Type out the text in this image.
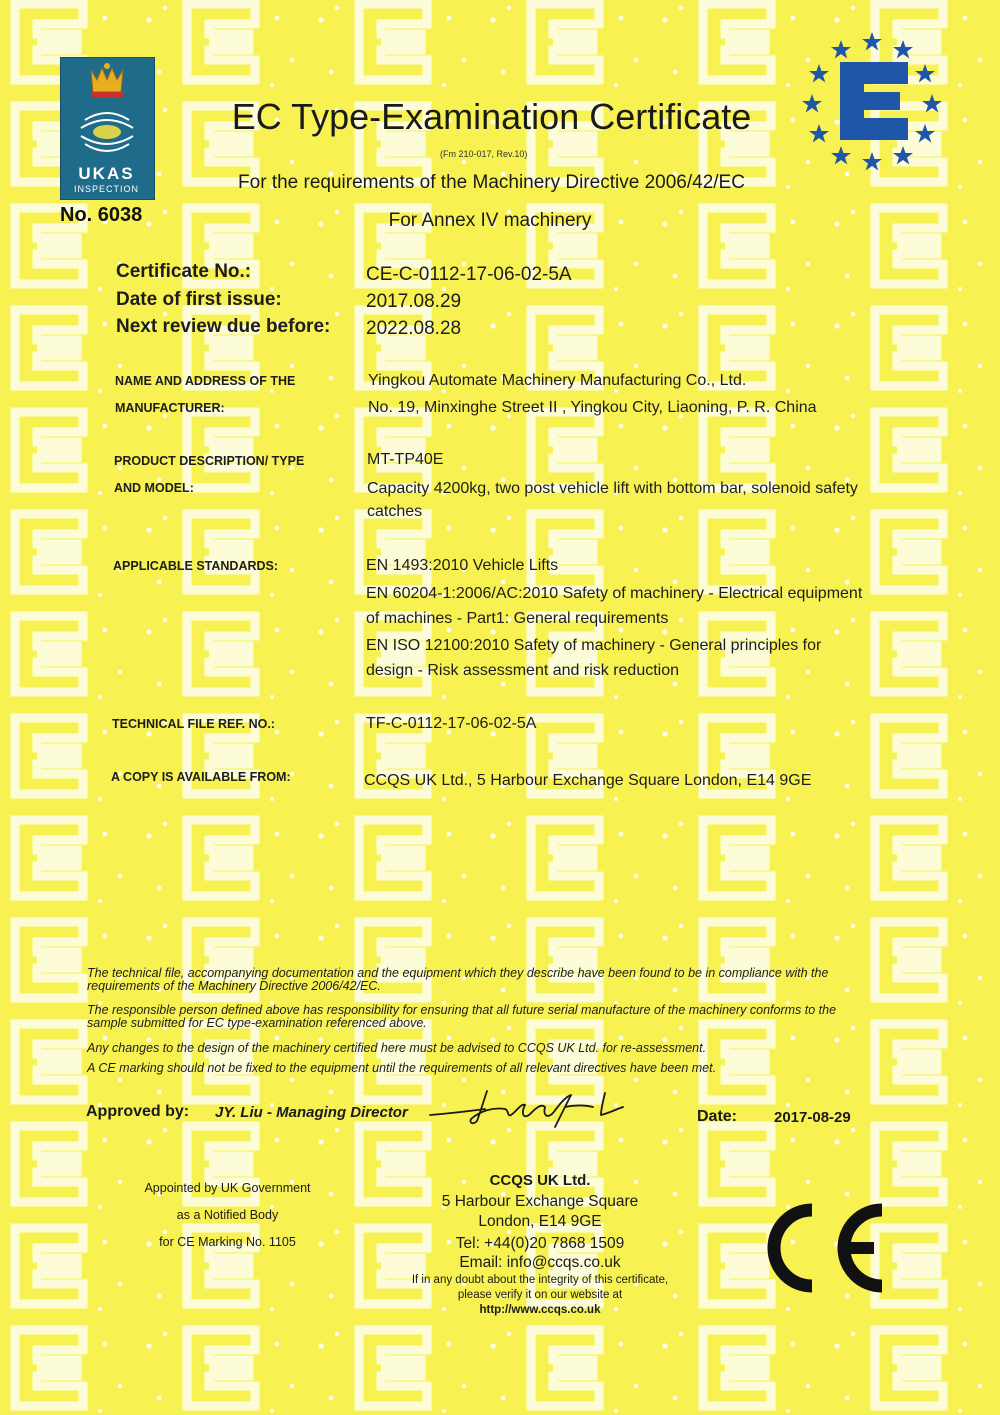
UKAS
INSPECTION
No. 6038
EC Type-Examination Certificate
(Fm 210-017, Rev.10)
For the requirements of the Machinery Directive 2006/42/EC
For Annex IV machinery
Certificate No.:	CE-C-0112-17-06-02-5A
Date of first issue:	2017.08.29
Next review due before: 2022.08.28
NAME AND ADDRESS OF THE
MANUFACTURER:
Yingkou Automate Machinery Manufacturing Co., Ltd.
No. 19, Minxinghe Street II , Yingkou City, Liaoning, P. R. China
PRODUCT DESCRIPTION/ TYPE
AND MODEL:
MT-TP40E
Capacity 4200kg, two post vehicle lift with bottom bar, solenoid safety
catches
APPLICABLE STANDARDS:	EN 1493:2010 Vehicle Lifts
EN 60204-1:2006/AC:2010 Safety of machinery - Electrical equipment
of machines - Part1: General requirements
EN ISO 12100:2010 Safety of machinery - General principles for
design - Risk assessment and risk reduction
TECHNICAL FILE REF. NO.:	TF-C-0112-17-06-02-5A
A COPY IS AVAILABLE FROM:	CCQS UK Ltd., 5 Harbour Exchange Square London, E14 9GE
The technical file, accompanying documentation and the equipment which they describe have been found to be in compliance with the
requirements of the Machinery Directive 2006/42/EC.
The responsible person defined above has responsibility for ensuring that all future serial manufacture of the machinery conforms to the
sample submitted for EC type-examination referenced above.
Any changes to the design of the machinery certified here must be advised to CCQS UK Ltd. for re-assessment.
A CE marking should not be fixed to the equipment until the requirements of all relevant directives have been met.
Approved by: JY. Liu - Managing Director	Date: 2017-08-29
Appointed by UK Government
as a Notified Body
for CE Marking No. 1105
CCQS UK Ltd.
5 Harbour Exchange Square
London, E14 9GE
Tel: +44(0)20 7868 1509
Email: info@ccqs.co.uk
If in any doubt about the integrity of this certificate,
please verify it on our website at
http://www.ccqs.co.uk
